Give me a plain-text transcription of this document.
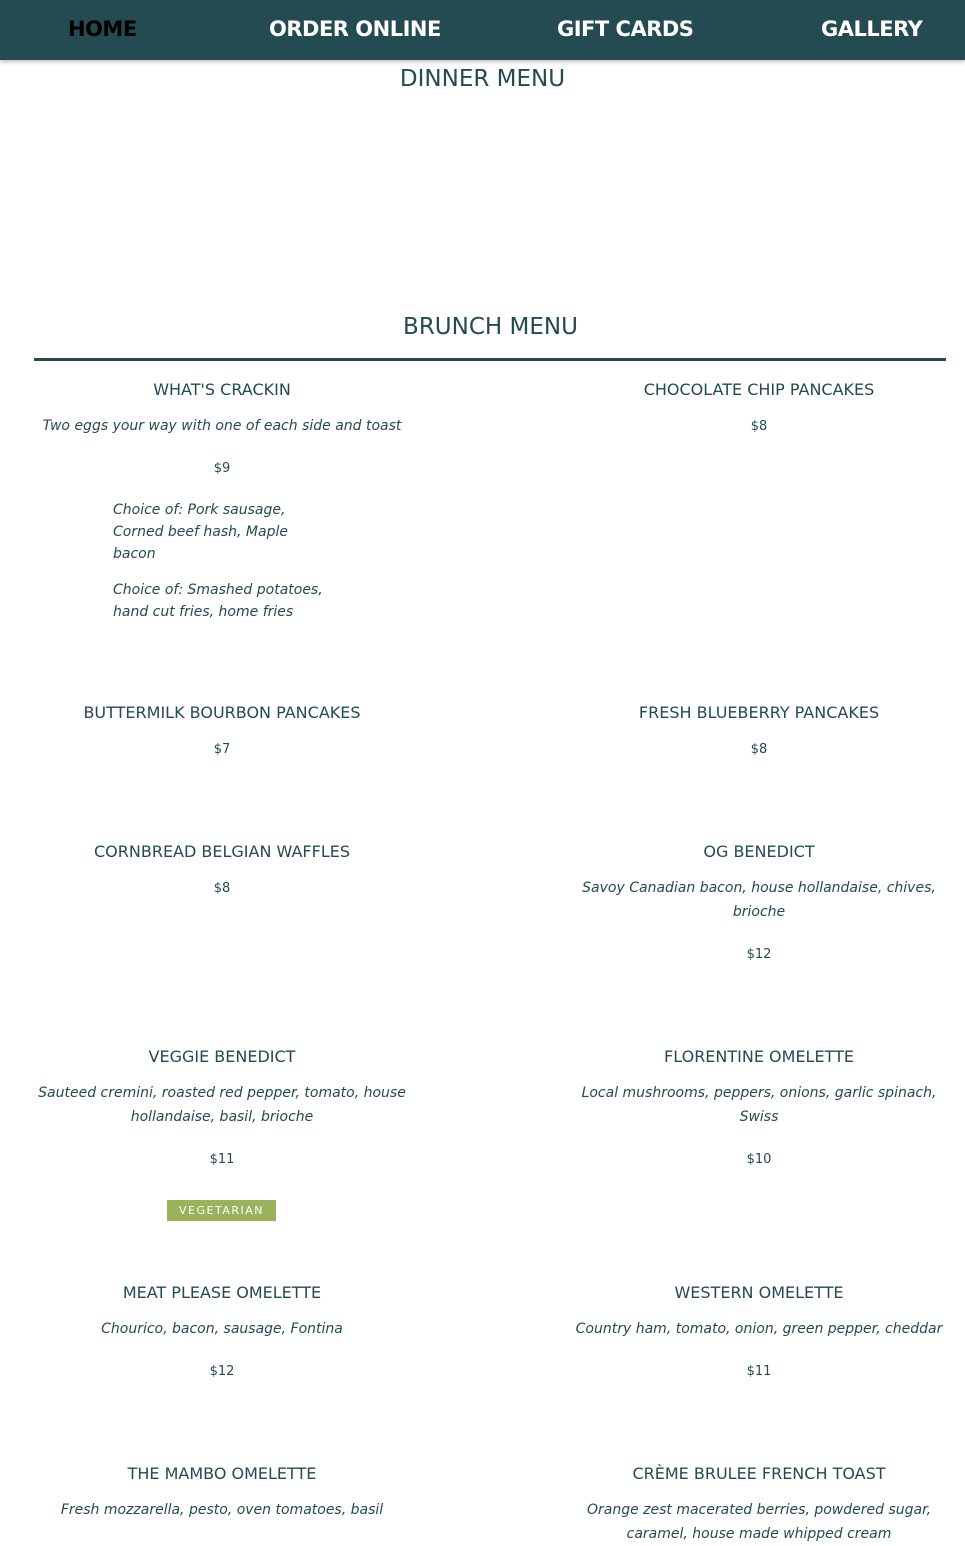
HOME	ORDER ONLINE	GIFT CARDS	GALLERY
DINNER MENU
BRUNCH MENU
WHAT'S CRACKIN
Two eggs your way with one of each side and toast
$9
Choice of: Pork sausage, Corned beef hash, Maple bacon
Choice of: Smashed potatoes, hand cut fries, home fries
CHOCOLATE CHIP PANCAKES
$8
BUTTERMILK BOURBON PANCAKES
$7
FRESH BLUEBERRY PANCAKES
$8
CORNBREAD BELGIAN WAFFLES
$8
OG BENEDICT
Savoy Canadian bacon, house hollandaise, chives, brioche
$12
VEGGIE BENEDICT
Sauteed cremini, roasted red pepper, tomato, house hollandaise, basil, brioche
$11
VEGETARIAN
FLORENTINE OMELETTE
Local mushrooms, peppers, onions, garlic spinach, Swiss
$10
MEAT PLEASE OMELETTE
Chourico, bacon, sausage, Fontina
$12
WESTERN OMELETTE
Country ham, tomato, onion, green pepper, cheddar
$11
THE MAMBO OMELETTE
Fresh mozzarella, pesto, oven tomatoes, basil
CRÈME BRULEE FRENCH TOAST
Orange zest macerated berries, powdered sugar, caramel, house made whipped cream
